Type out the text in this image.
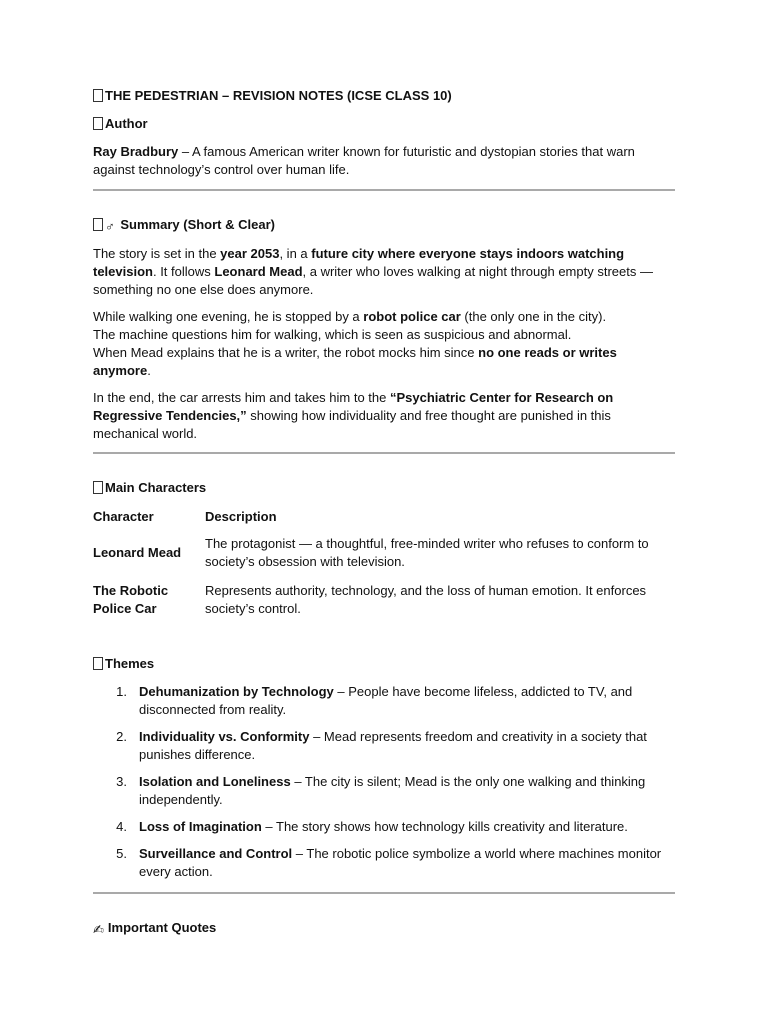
THE PEDESTRIAN – REVISION NOTES (ICSE CLASS 10)
Author

Ray Bradbury – A famous American writer known for futuristic and dystopian stories that warn against technology’s control over human life.

♂ Summary (Short & Clear)

The story is set in the year 2053, in a future city where everyone stays indoors watching television. It follows Leonard Mead, a writer who loves walking at night through empty streets — something no one else does anymore.

While walking one evening, he is stopped by a robot police car (the only one in the city).
The machine questions him for walking, which is seen as suspicious and abnormal.
When Mead explains that he is a writer, the robot mocks him since no one reads or writes anymore.

In the end, the car arrests him and takes him to the “Psychiatric Center for Research on Regressive Tendencies,” showing how individuality and free thought are punished in this mechanical world.

Main Characters
Character	Description
Leonard Mead
The protagonist — a thoughtful, free-minded writer who refuses to conform to society’s obsession with television.
The Robotic Police Car
Represents authority, technology, and the loss of human emotion. It enforces society’s control.
Themes
1. Dehumanization by Technology – People have become lifeless, addicted to TV, and disconnected from reality.
2. Individuality vs. Conformity – Mead represents freedom and creativity in a society that punishes difference.
3. Isolation and Loneliness – The city is silent; Mead is the only one walking and thinking independently.
4. Loss of Imagination – The story shows how technology kills creativity and literature.
5. Surveillance and Control – The robotic police symbolize a world where machines monitor every action.
✍ Important Quotes
